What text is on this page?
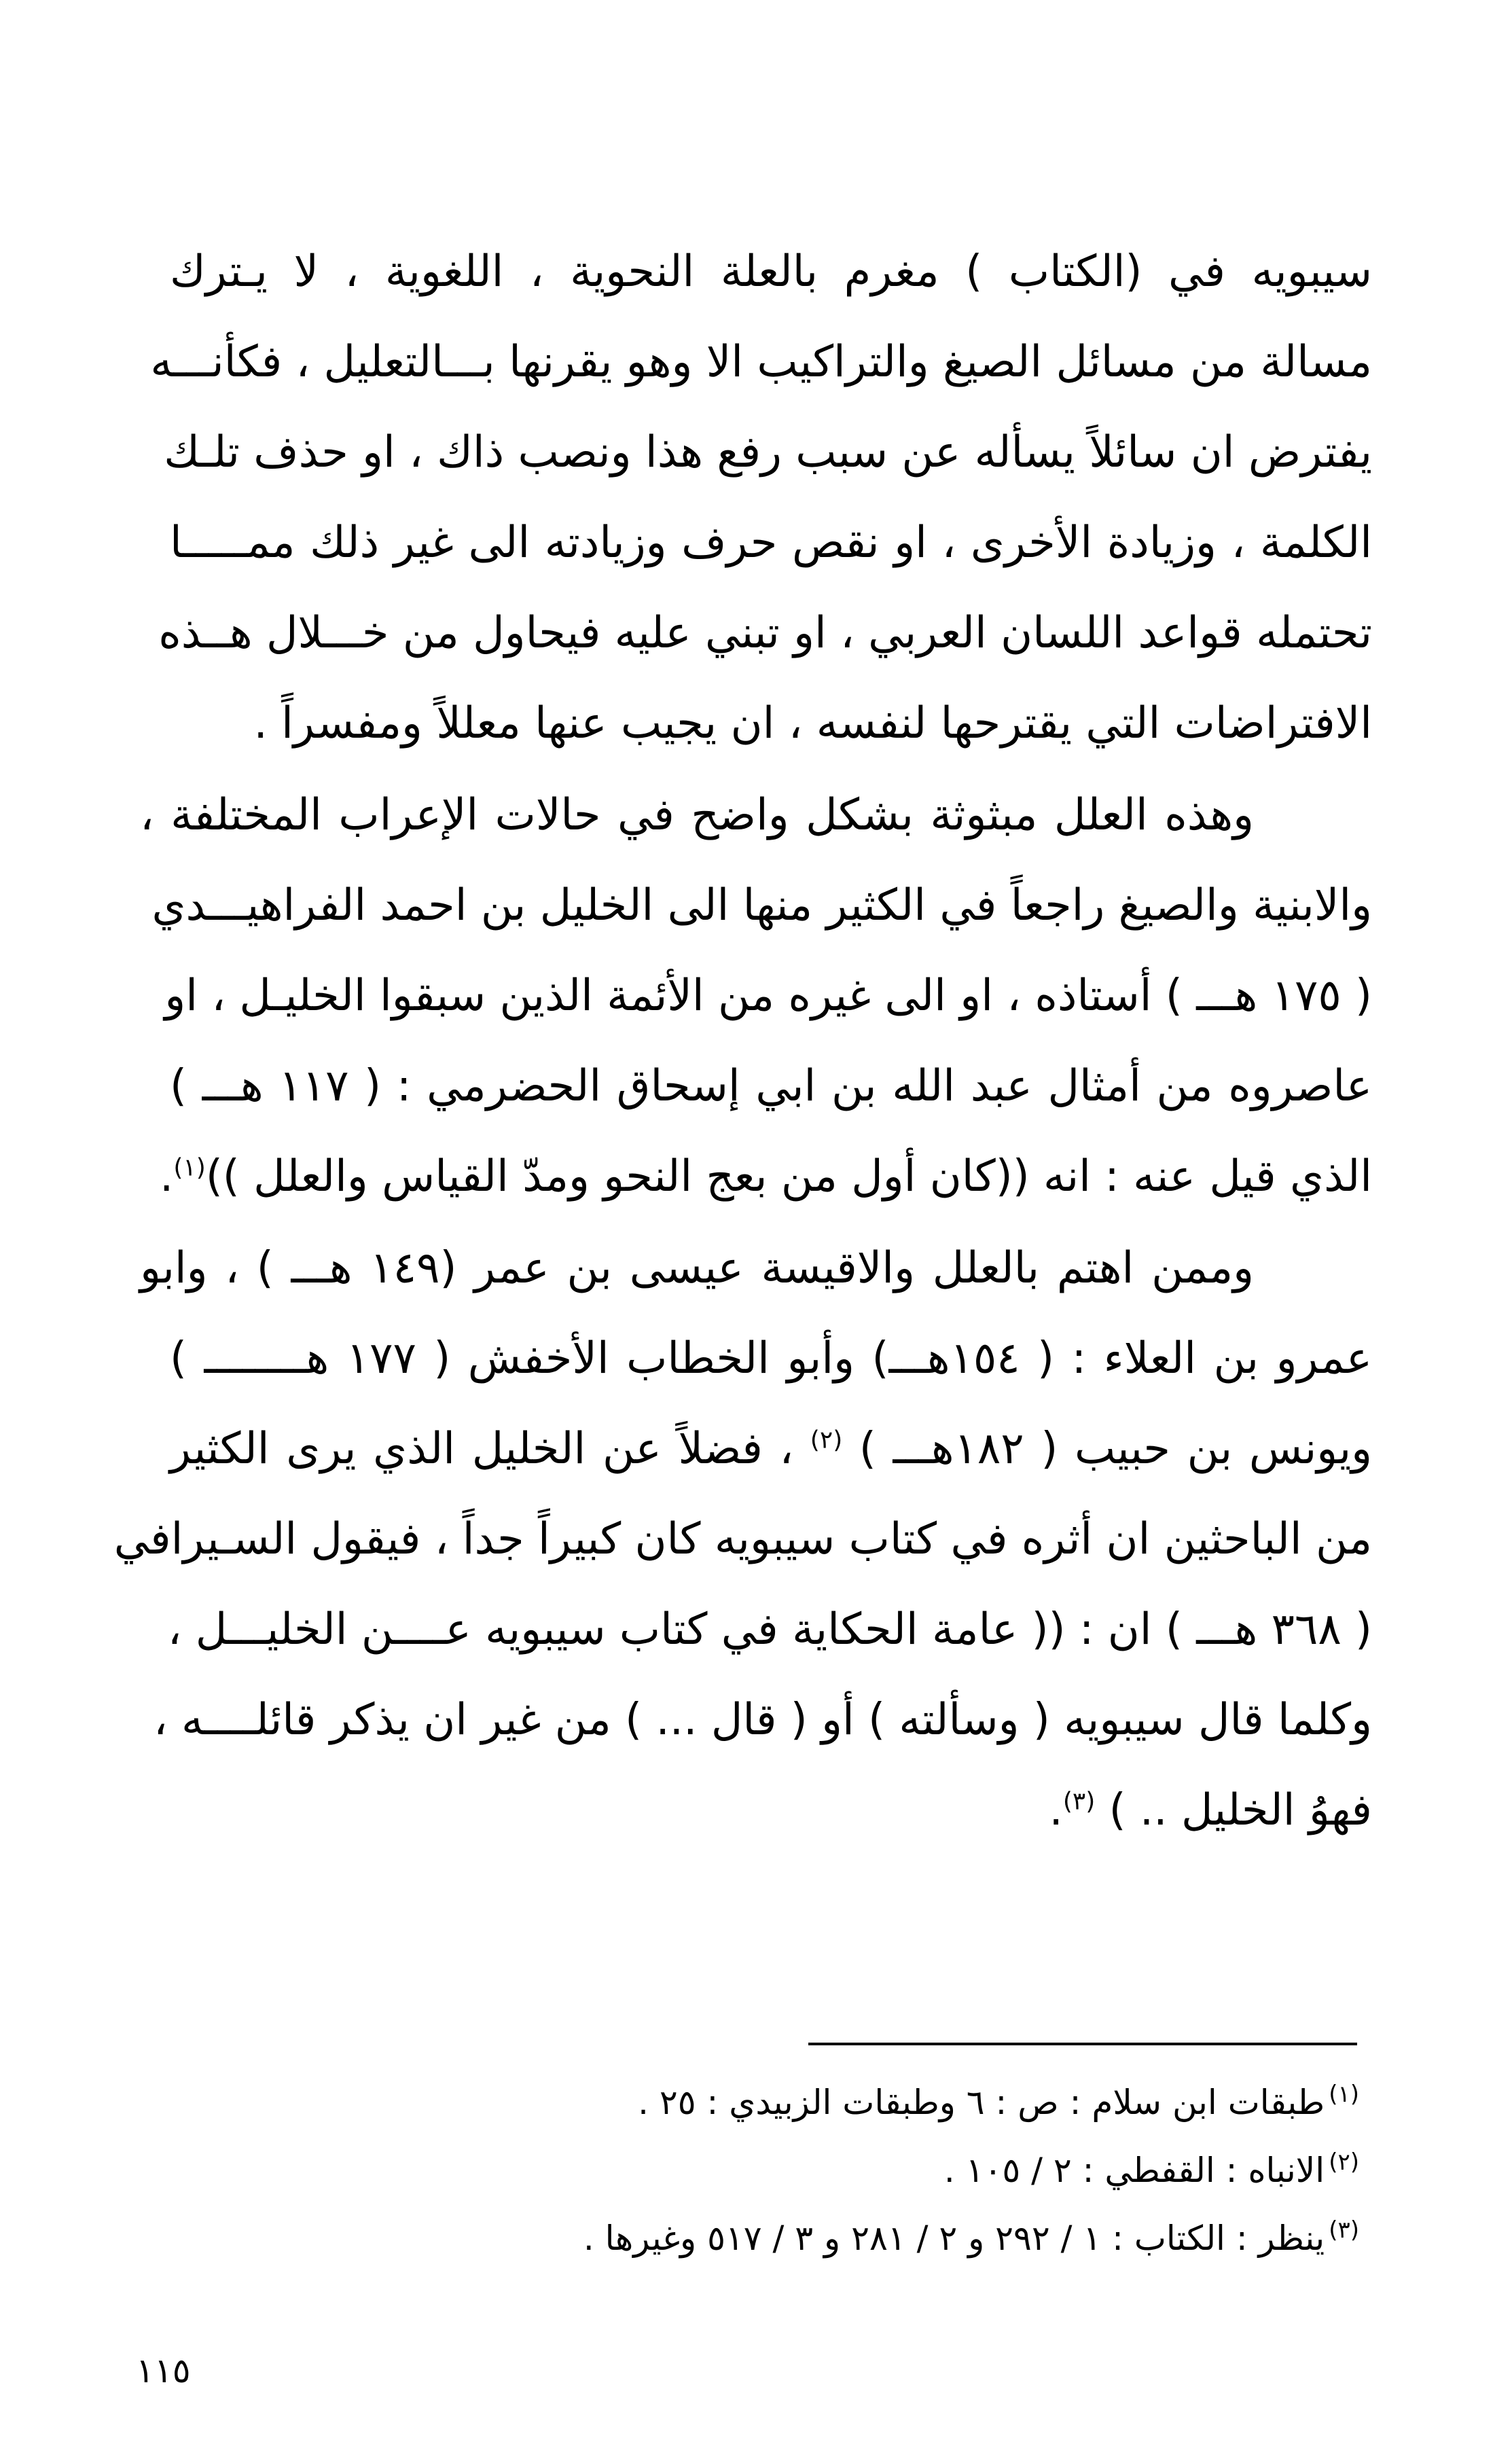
سيبويه في (الكتاب ) مغرم بالعلة النحوية ، اللغوية ، لا يـترك
مسالة من مسائل الصيغ والتراكيب الا وهو يقرنها بـــالتعليل ، فكأنـــه
يفترض ان سائلاً يسأله عن سبب رفع هذا ونصب ذاك ، او حذف تلـك
الكلمة ، وزيادة الأخرى ، او نقص حرف وزيادته الى غير ذلك ممـــــا
تحتمله قواعد اللسان العربي ، او تبني عليه فيحاول من خـــلال هــذه
الافتراضات التي يقترحها لنفسه ، ان يجيب عنها معللاً ومفسراً .
وهذه العلل مبثوثة بشكل واضح في حالات الإعراب المختلفة ،
والابنية والصيغ راجعاً في الكثير منها الى الخليل بن احمد الفراهيـــدي
( ١٧٥ هـــ ) أستاذه ، او الى غيره من الأئمة الذين سبقوا الخليـل ، او
عاصروه من أمثال عبد الله بن ابي إسحاق الحضرمي : ( ١١٧ هـــ )
الذي قيل عنه : انه ((كان أول من بعج النحو ومدّ القياس والعلل ))$^{(١)}$.
وممن اهتم بالعلل والاقيسة عيسى بن عمر (١٤٩ هـــ ) ، وابو
عمرو بن العلاء : ( ١٥٤هـــ) وأبو الخطاب الأخفش ( ١٧٧ هــــــــ )
ويونس بن حبيب ( ١٨٢هـــ ) $^{(٢)}$ ، فضلاً عن الخليل الذي يرى الكثير
من الباحثين ان أثره في كتاب سيبويه كان كبيراً جداً ، فيقول السـيرافي
( ٣٦٨ هـــ ) ان : (( عامة الحكاية في كتاب سيبويه عــــن الخليـــل ،
وكلما قال سيبويه ( وسألته ) أو ( قال ... ) من غير ان يذكر قائلــــه ،
فهوُ الخليل .. ) $^{(٣)}$.
$^{(١)}$طبقات ابن سلام : ص : ٦ وطبقات الزبيدي : ٢٥ .
$^{(٢)}$الانباه : القفطي : ٢ / ١٠٥ .
$^{(٣)}$ينظر : الكتاب : ١ / ٢٩٢ و ٢ / ٢٨١ و ٣ / ٥١٧ وغيرها .
١١٥
